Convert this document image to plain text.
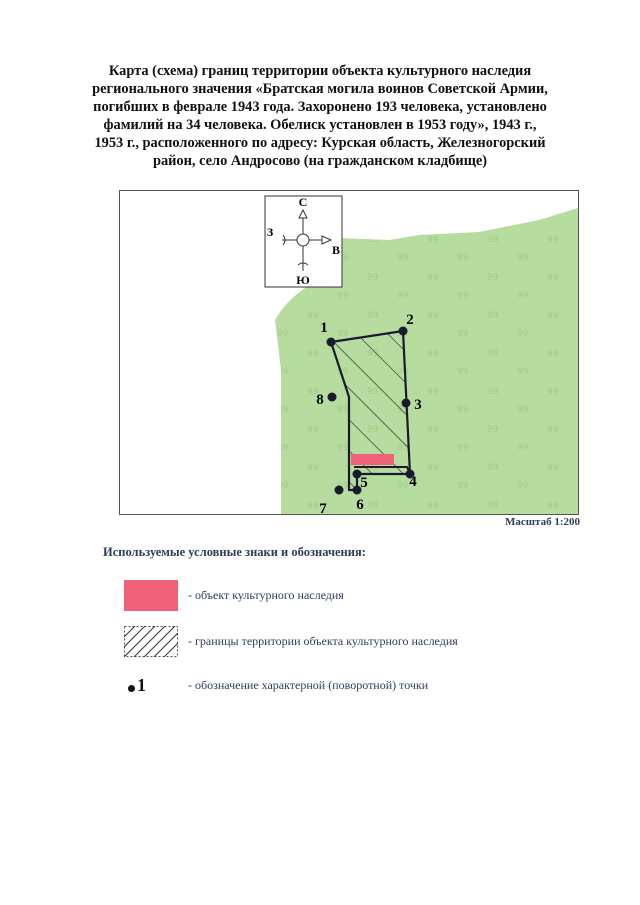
Карта (схема) границ территории объекта культурного наследия
регионального значения «Братская могила воинов Советской Армии,
погибших в феврале 1943 года. Захоронено 193 человека, установлено
фамилий на 34 человека. Обелиск установлен в 1953 году», 1943 г.,
1953 г., расположенного по адресу: Курская область, Железногорский
район, село Андросово (на гражданском кладбище)
С
Ю
З
В
1	2
3
4
5
6
7
8
Масштаб 1:200

Используемые условные знаки и обозначения:

- объект культурного наследия
- границы территории объекта культурного наследия
1	- обозначение характерной (поворотной) точки
